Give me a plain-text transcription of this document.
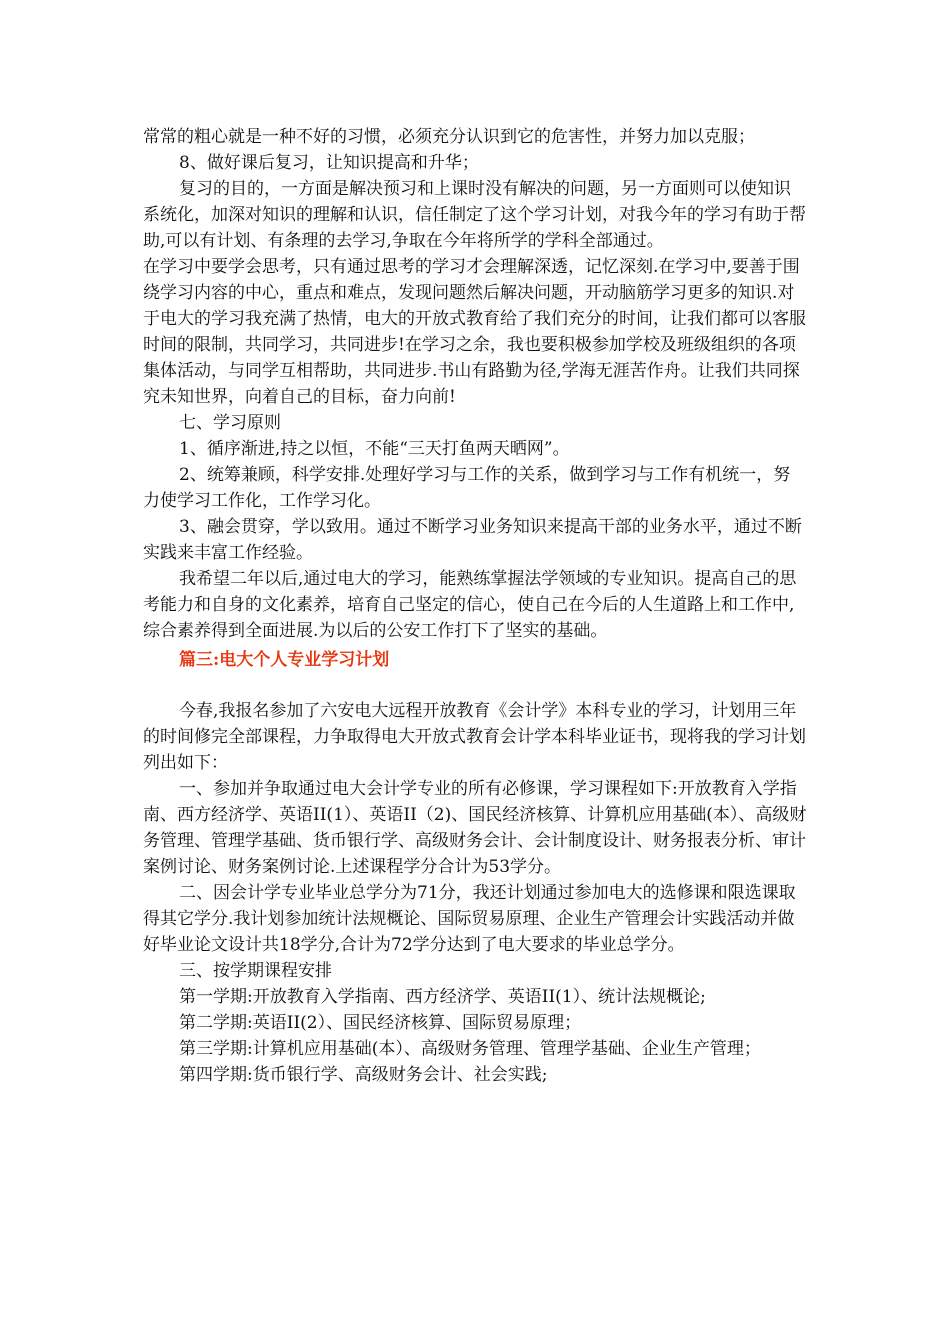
常常的粗心就是一种不好的习惯，必须充分认识到它的危害性，并努力加以克服；

8、做好课后复习，让知识提高和升华；

复习的目的，一方面是解决预习和上课时没有解决的问题，另一方面则可以使知识系统化，加深对知识的理解和认识，信任制定了这个学习计划，对我今年的学习有助于帮助,可以有计划、有条理的去学习,争取在今年将所学的学科全部通过。

在学习中要学会思考，只有通过思考的学习才会理解深透，记忆深刻.在学习中,要善于围绕学习内容的中心，重点和难点，发现问题然后解决问题，开动脑筋学习更多的知识.对于电大的学习我充满了热情，电大的开放式教育给了我们充分的时间，让我们都可以客服时间的限制，共同学习，共同进步!在学习之余，我也要积极参加学校及班级组织的各项集体活动，与同学互相帮助，共同进步.书山有路勤为径,学海无涯苦作舟。让我们共同探究未知世界，向着自己的目标，奋力向前!

七、学习原则

1、循序渐进,持之以恒，不能“三天打鱼两天晒网”。

2、统筹兼顾，科学安排.处理好学习与工作的关系，做到学习与工作有机统一，努力使学习工作化，工作学习化。

3、融会贯穿，学以致用。通过不断学习业务知识来提高干部的业务水平，通过不断实践来丰富工作经验。

我希望二年以后,通过电大的学习，能熟练掌握法学领域的专业知识。提高自己的思考能力和自身的文化素养，培育自己坚定的信心，使自己在今后的人生道路上和工作中,综合素养得到全面进展.为以后的公安工作打下了坚实的基础。

篇三:电大个人专业学习计划

今春,我报名参加了六安电大远程开放教育《会计学》本科专业的学习，计划用三年的时间修完全部课程，力争取得电大开放式教育会计学本科毕业证书，现将我的学习计划列出如下：

一、参加并争取通过电大会计学专业的所有必修课，学习课程如下:开放教育入学指南、西方经济学、英语II(1）、英语II（2)、国民经济核算、计算机应用基础(本）、高级财务管理、管理学基础、货币银行学、高级财务会计、会计制度设计、财务报表分析、审计案例讨论、财务案例讨论.上述课程学分合计为53学分。

二、因会计学专业毕业总学分为71分，我还计划通过参加电大的选修课和限选课取得其它学分.我计划参加统计法规概论、国际贸易原理、企业生产管理会计实践活动并做好毕业论文设计共18学分,合计为72学分达到了电大要求的毕业总学分。

三、按学期课程安排

第一学期:开放教育入学指南、西方经济学、英语II(1）、统计法规概论;

第二学期:英语II(2）、国民经济核算、国际贸易原理；

第三学期:计算机应用基础(本）、高级财务管理、管理学基础、企业生产管理；

第四学期:货币银行学、高级财务会计、社会实践;
